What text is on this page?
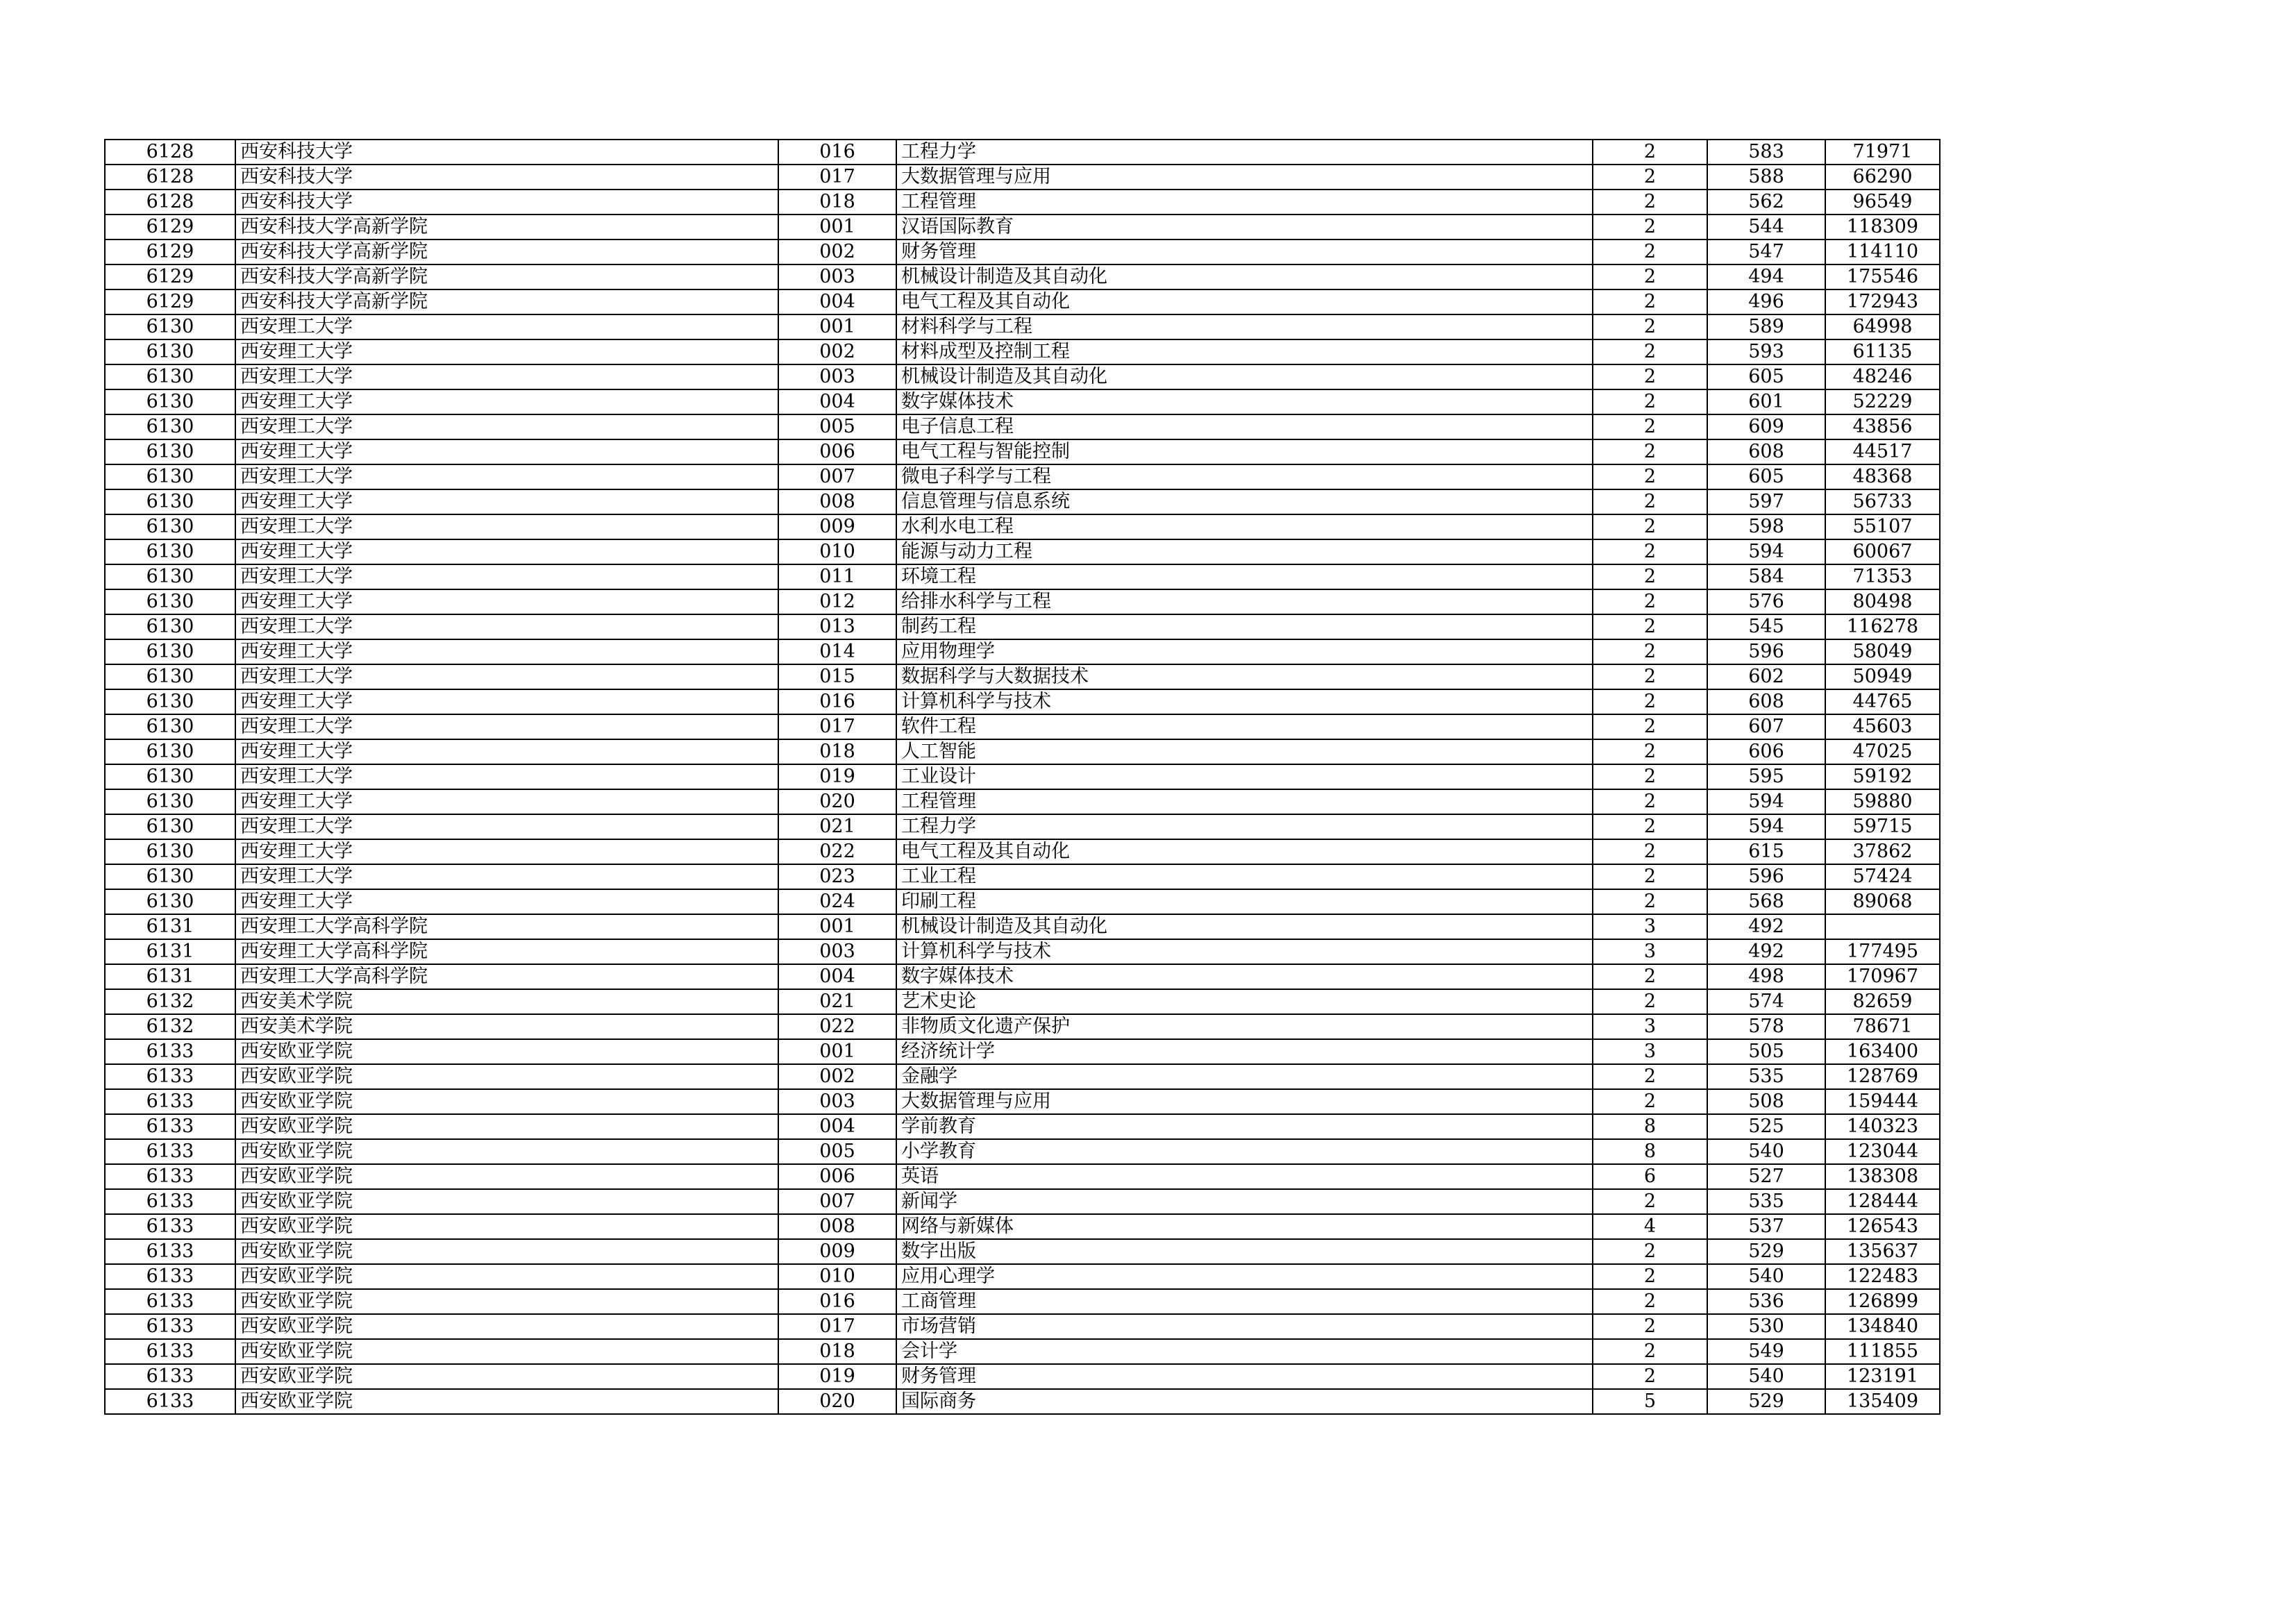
6128	西安科技大学	016	工程力学	2	583	71971
6128	西安科技大学	017	大数据管理与应用	2	588	66290
6128	西安科技大学	018	工程管理	2	562	96549
6129	西安科技大学高新学院	001	汉语国际教育	2	544	118309
6129	西安科技大学高新学院	002	财务管理	2	547	114110
6129	西安科技大学高新学院	003	机械设计制造及其自动化	2	494	175546
6129	西安科技大学高新学院	004	电气工程及其自动化	2	496	172943
6130	西安理工大学	001	材料科学与工程	2	589	64998
6130	西安理工大学	002	材料成型及控制工程	2	593	61135
6130	西安理工大学	003	机械设计制造及其自动化	2	605	48246
6130	西安理工大学	004	数字媒体技术	2	601	52229
6130	西安理工大学	005	电子信息工程	2	609	43856
6130	西安理工大学	006	电气工程与智能控制	2	608	44517
6130	西安理工大学	007	微电子科学与工程	2	605	48368
6130	西安理工大学	008	信息管理与信息系统	2	597	56733
6130	西安理工大学	009	水利水电工程	2	598	55107
6130	西安理工大学	010	能源与动力工程	2	594	60067
6130	西安理工大学	011	环境工程	2	584	71353
6130	西安理工大学	012	给排水科学与工程	2	576	80498
6130	西安理工大学	013	制药工程	2	545	116278
6130	西安理工大学	014	应用物理学	2	596	58049
6130	西安理工大学	015	数据科学与大数据技术	2	602	50949
6130	西安理工大学	016	计算机科学与技术	2	608	44765
6130	西安理工大学	017	软件工程	2	607	45603
6130	西安理工大学	018	人工智能	2	606	47025
6130	西安理工大学	019	工业设计	2	595	59192
6130	西安理工大学	020	工程管理	2	594	59880
6130	西安理工大学	021	工程力学	2	594	59715
6130	西安理工大学	022	电气工程及其自动化	2	615	37862
6130	西安理工大学	023	工业工程	2	596	57424
6130	西安理工大学	024	印刷工程	2	568	89068
6131	西安理工大学高科学院	001	机械设计制造及其自动化	3	492	
6131	西安理工大学高科学院	003	计算机科学与技术	3	492	177495
6131	西安理工大学高科学院	004	数字媒体技术	2	498	170967
6132	西安美术学院	021	艺术史论	2	574	82659
6132	西安美术学院	022	非物质文化遗产保护	3	578	78671
6133	西安欧亚学院	001	经济统计学	3	505	163400
6133	西安欧亚学院	002	金融学	2	535	128769
6133	西安欧亚学院	003	大数据管理与应用	2	508	159444
6133	西安欧亚学院	004	学前教育	8	525	140323
6133	西安欧亚学院	005	小学教育	8	540	123044
6133	西安欧亚学院	006	英语	6	527	138308
6133	西安欧亚学院	007	新闻学	2	535	128444
6133	西安欧亚学院	008	网络与新媒体	4	537	126543
6133	西安欧亚学院	009	数字出版	2	529	135637
6133	西安欧亚学院	010	应用心理学	2	540	122483
6133	西安欧亚学院	016	工商管理	2	536	126899
6133	西安欧亚学院	017	市场营销	2	530	134840
6133	西安欧亚学院	018	会计学	2	549	111855
6133	西安欧亚学院	019	财务管理	2	540	123191
6133	西安欧亚学院	020	国际商务	5	529	135409
